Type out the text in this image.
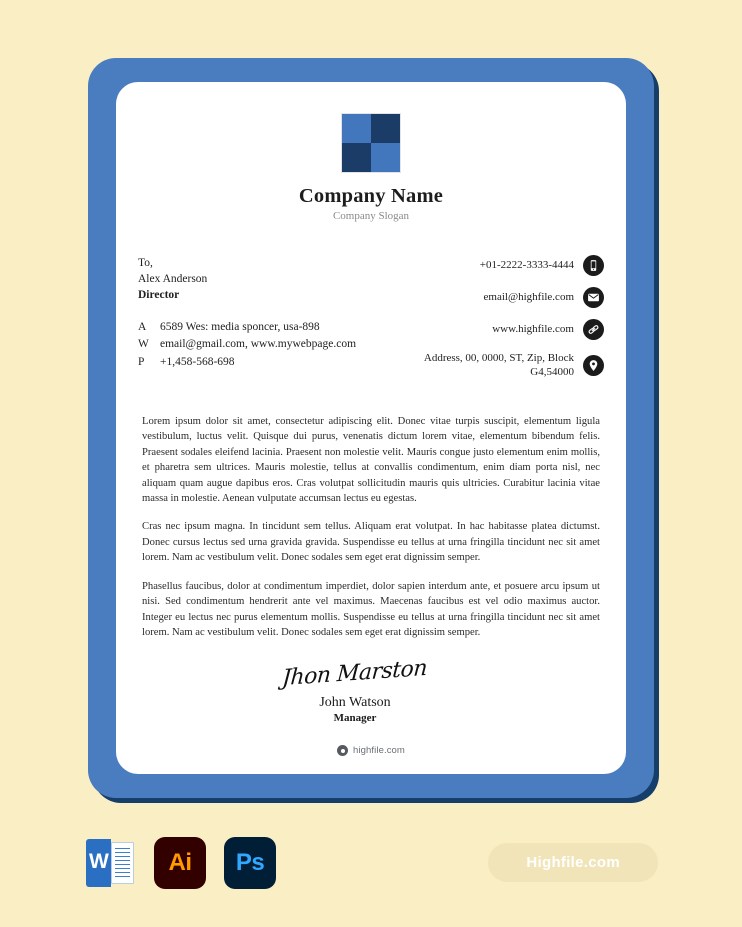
Company Name
Company Slogan
To,
Alex Anderson
Director
A	6589 Wes: media sponcer, usa-898
W email@gmail.com, www.mywebpage.com
P	+1,458-568-698
+01-2222-3333-4444
email@highfile.com
www.highfile.com
Address, 00, 0000, ST, Zip, Block G4,54000

Lorem ipsum dolor sit amet, consectetur adipiscing elit. Donec vitae turpis suscipit, elementum ligula vestibulum, luctus velit. Quisque dui purus, venenatis dictum lorem vitae, elementum bibendum felis. Praesent sodales eleifend lacinia. Praesent non molestie velit. Mauris congue justo elementum enim mollis, et pharetra sem ultrices. Mauris molestie, tellus at convallis condimentum, enim diam porta nisl, nec aliquam quam augue dapibus eros. Cras volutpat sollicitudin mauris quis ultricies. Curabitur lacinia vitae massa in molestie. Aenean vulputate accumsan lectus eu egestas.

Cras nec ipsum magna. In tincidunt sem tellus. Aliquam erat volutpat. In hac habitasse platea dictumst. Donec cursus lectus sed urna gravida gravida. Suspendisse eu tellus at urna fringilla tincidunt nec sit amet lorem. Nam ac vestibulum velit. Donec sodales sem eget erat dignissim semper.

Phasellus faucibus, dolor at condimentum imperdiet, dolor sapien interdum ante, et posuere arcu ipsum ut nisi. Sed condimentum hendrerit ante vel maximus. Maecenas faucibus est vel odio maximus auctor. Integer eu lectus nec purus elementum mollis. Suspendisse eu tellus at urna fringilla tincidunt nec sit amet lorem. Nam ac vestibulum velit. Donec sodales sem eget erat dignissim semper.

Jhon Marston
John Watson
Manager
highfile.com
W Ai Ps	Highfile.com
